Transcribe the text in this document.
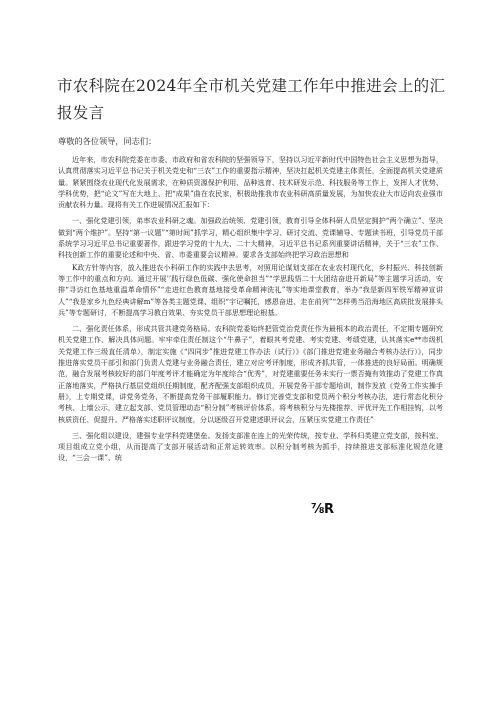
市农科院在2024年全市机关党建工作年中推进会上的汇报发言
尊敬的各位领导，同志们：

近年来，市农科院党委在市委、市政府和省农科院的坚强领导下，坚持以习近平新时代中国特色社会主义思想为指导，认真贯彻落实习近平总书记关于机关党史和“三农”工作的重要指示精神，坚决扛起机关党建主体责任，全面提高机关党建质量。紧紧围绕农业现代化发展需求，在种质资源保护利用、品种选育、技术研发示范、科技服务等工作上，发挥人才优势、学科优势，把“论文”写在大地上、把“成果”曲在农民家，积极助推我市农业科研高质量发展，为加快农业大市迈向农业强市贡献农科力量。现将有关工作进展情况汇报如下：

一、强化党建引领，弟率农业科研之魂。加强政治统领、党建引领，教育引导全体科研人员坚定拥护“两个确立”、坚决做到“两个维护”。坚持“第一议题”“第时间”抓学习，精心组织集中学习、研讨交流、党课辅导、专题读书班，引导党员干部系统学习习近平总书记重要著作，跟进学习党的十九大、二十大精神，习近平总书记系列重要讲话精神，关于“三农”工作、科技创新工作的重要论述和中央、省、市委重要会议精神。要求各支部始终把学习政治思想和

K政方针等内容，放入推进农小科研工作的实践中去思考，对照用论谋划支部在农业农村现代化，乡村振兴、科技创新等工作中的重点和方向。通过开展’’践行绿色低碳、强化使命担当”“学思践悟二十大团结奋进开新局”等主题学习活动，安排“寻访红色基地重温革命情怀”“走进红色教育基地接受革命精神洗礼”等实地课堂教育，举办“我是新四军铁军精神宣讲人”“我是家乡九色经典讲解m”等各类主题党课、组织“宇记嘱托，感恩奋进、走在前列”“怎样勇当沿海地区高质批发展排头兵”等专题研讨，不断提高学习教白效果、夯实党员干部思想理论根基。

二、强化责任体系，形成共管共建党务格局。农科院党委始终把管党治党责任作为最根本的政治责任，不定期专题研究机关党建工作、解决具体问题。牢牢牵住责任制这个“牛鼻子”，着眼其考党建、考实党建、考绩党建，认其落实e**市级机关党建工作三级直任清单），制定实施《“四同步”推进党建工作办法（试行）》《部门推进党建业务融合考核办法行）》，同步推进落实党员干部引和部门负责人党建与业务融合责任，建立对应考评制度，形成齐抓共管，一体推进的良好局面。明确规范，融合发展考核较好的部门年度考评才能确定为年度综合“优秀”，对党建重要任务未实行一票否掩有效推动了党建工作真正落地落实，严格执行基层党组织任期制度，配齐配强支部组织成员，开展党务干部专题培训，制作发放《党务工作实操手册》，上专期党课，讲党务党务，不断提高党务干部履职能力。修订完善党支部和党员两个积分考核办法，进行常态化积分考核、上墙公示，建立起支部、党员管理动态“积分制”考核评价体系，将考核积分与先楼推荐、评优评先工作相挂钩，以考核质资任、促提升。严格落实述职评议制度，分以逐级召开党建述职评议会，压紧压实党建工作责任”

三、强化组以建设，建强专业学科党建堡垒。发扬支部准在连上的光荣传统，按专业、学科归类建立党支部，按科室、项目组成立党小组，从而提高了支部开展活动和正常运转效率。以积分制考核为抓手，持续推进支部标准化规范化建设，“三会一课”、统

⅞R
